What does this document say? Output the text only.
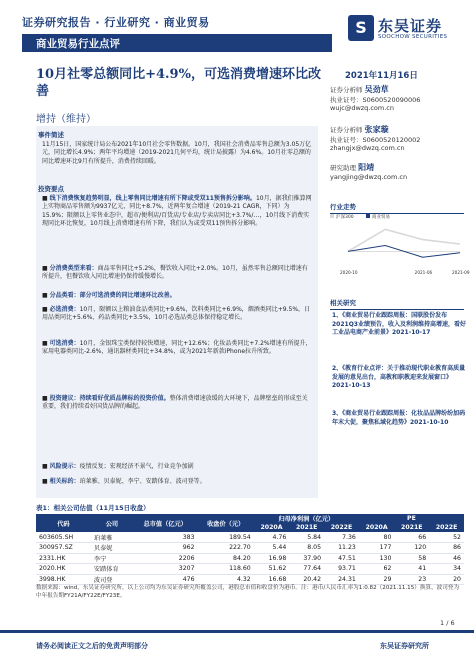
证券研究报告 · 行业研究 · 商业贸易
商业贸易行业点评
S 东吴证券
SOOCHOW SECURITIES
10月社零总额同比+4.9%，可选消费增速环比改善
增持（维持）
2021年11月16日
证券分析师 吴劲草
执业证号：S0600520090006
wujc@dwzq.com.cn
证券分析师 张家璇
执业证号：S0600520120002
zhangjx@dwzq.com.cn
研究助理 阳靖
yangjing@dwzq.com.cn
事件简述
11月15日，国家统计局公布2021年10月社会零售数据。10月，我国社会消费品零售总额为3.05万亿元，同比增长4.9%；两年平均增速（2019-2021几何平均，统计局披露）为4.6%。10月社零总额的同比增速环比9月有所提升，消费持续回暖。
投资要点
■ 线下消费恢复趋势明显，线上零售同比增速有所下降或受双11预售拆分影响。10月，据我们推算网上实物商品零售额为9937亿元，同比+8.7%，近两年复合增速（2019-21 CAGR，下同）为15.9%；限额以上零售业态中，超市/便利店/百货店/专业店/专卖店同比+3.7%/…，10月线下消费实现同比环比恢复，10月线上消费增速有所下降，我们认为或受双11预售拆分影响。
■ 分消费类型来看：商品零售同比+5.2%，餐饮收入同比+2.0%。10月，虽然零售总额同比增速有所提升，但餐饮收入同比增速仍保持缓慢增长。
■ 分品类看：部分可选消费的同比增速环比改善。
■ 必选消费：10月，限额以上粮油食品类同比+9.6%，饮料类同比+6.9%，烟酒类同比+9.5%，日用品类同比+5.6%，药品类同比+3.5%，10月必选品类总体保持稳定增长。
■ 可选消费：10月，金银珠宝类保持较快增速，同比+12.6%；化妆品类同比+7.2%增速有所提升，家用电器类同比-2.6%，通讯器材类同比+34.8%，或为2021年新款iPhone拉升所致。
■ 投资建议：持续看好优质品牌标的投资价值。整体消费增速放缓的大环境下，品牌壁垒的形成至关重要，我们持续看好国货品牌的崛起。
■ 风险提示：疫情反复；宏观经济不景气，行业竞争加剧
■ 相关标的：珀莱雅、贝泰妮、李宁、安踏体育、波司登等。
行业走势
沪深300	商业贸易
2020-10	2021-06	2021-09
相关研究
1、《商业贸易行业跟踪周报：国联股份发布2021Q3业绩预告，收入及利润维持高增速，看好工业品电商产业前景》2021-10-17
2、《教育行业点评：关于推动现代职业教育高质量发展的意见出台，高教和职教迎来发展窗口》2021-10-13
3、《商业贸易行业跟踪周报：化妆品品牌纷纷加码年末大促，聚焦私域化趋势》2021-10-10
表1：相关公司估值（11月15日收盘）
代码	公司	总市值（亿元）	收盘价（元）	归母净利润（亿元）			PE		
				2020A	2021E	2022E	2020A	2021E	2022E
603605.SH	珀莱雅	383	189.54	4.76	5.84	7.36	80	66	52
300957.SZ	贝泰妮	962	222.70	5.44	8.05	11.23	177	120	86
2331.HK	李宁	2206	84.20	16.98	37.90	47.51	130	58	46
2020.HK	安踏体育	3207	118.60	51.62	77.64	93.71	62	41	34
3998.HK	波司登	476	4.32	16.68	20.42	24.31	29	23	20
数据来源：wind，东吴证券研究所，以上公司均为东吴证券研究所覆盖公司，港股总市值和收盘价为港币。注：港币/人民币汇率为1:0.82（2021.11.15）换算，波司登为中年报告期FY21A/FY22E/FY23E。
1 / 6
请务必阅读正文之后的免责声明部分	东吴证券研究所
